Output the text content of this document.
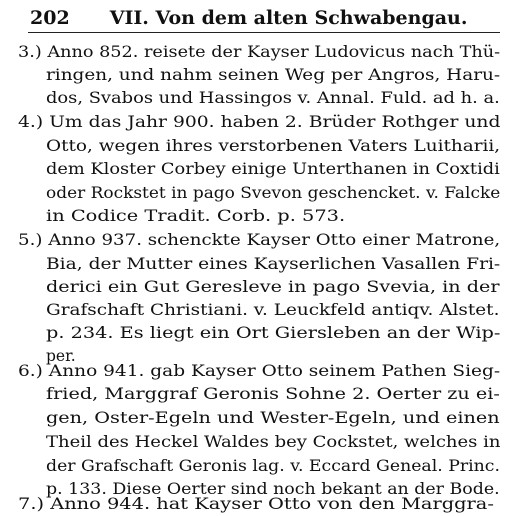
202 VII. Von dem alten Schwabengau.
3.) Anno 852. reisete der Kayser Ludovicus nach Thü-
ringen, und nahm seinen Weg per Angros, Haru-
dos, Svabos und Hassingos v. Annal. Fuld. ad h. a.
4.) Um das Jahr 900. haben 2. Brüder Rothger und
Otto, wegen ihres verstorbenen Vaters Luitharii,
dem Kloster Corbey einige Unterthanen in Coxtidi
oder Rockstet in pago Svevon geschencket. v. Falcke
in Codice Tradit. Corb. p. 573.
5.) Anno 937. schenckte Kayser Otto einer Matrone,
Bia, der Mutter eines Kayserlichen Vasallen Fri-
derici ein Gut Geresleve in pago Svevia, in der
Grafschaft Christiani. v. Leuckfeld antiqv. Alstet.
p. 234. Es liegt ein Ort Giersleben an der Wip-
per.
6.) Anno 941. gab Kayser Otto seinem Pathen Sieg-
fried, Marggraf Geronis Sohne 2. Oerter zu ei-
gen, Oster-Egeln und Wester-Egeln, und einen
Theil des Heckel Waldes bey Cockstet, welches in
der Grafschaft Geronis lag. v. Eccard Geneal. Princ.
p. 133. Diese Oerter sind noch bekant an der Bode.
7.) Anno 944. hat Kayser Otto von den Marggra-
